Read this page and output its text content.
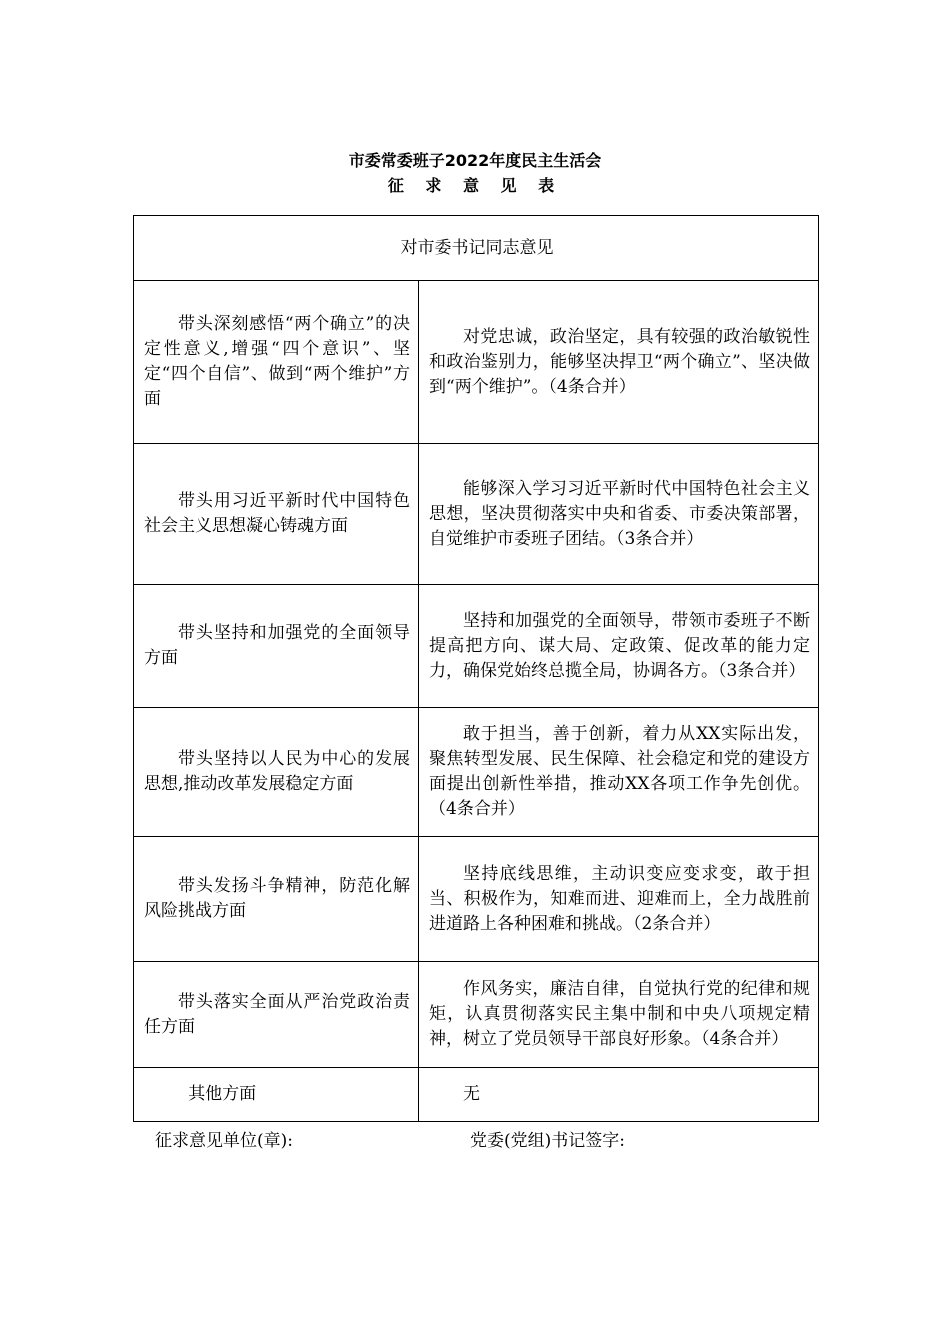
市委常委班子2022年度民主生活会
征 求 意 见 表
对市委书记同志意见	
带头深刻感悟“两个确立”的决定性意义,增强“四个意识”、坚定“四个自信”、做到“两个维护”方面	对党忠诚，政治坚定，具有较强的政治敏锐性和政治鉴别力，能够坚决捍卫“两个确立”、坚决做到“两个维护”。（4条合并）
带头用习近平新时代中国特色社会主义思想凝心铸魂方面	能够深入学习习近平新时代中国特色社会主义思想，坚决贯彻落实中央和省委、市委决策部署，自觉维护市委班子团结。（3条合并）
带头坚持和加强党的全面领导方面	坚持和加强党的全面领导，带领市委班子不断提高把方向、谋大局、定政策、促改革的能力定力，确保党始终总揽全局，协调各方。（3条合并）
带头坚持以人民为中心的发展思想,推动改革发展稳定方面	敢于担当，善于创新，着力从XX实际出发，聚焦转型发展、民生保障、社会稳定和党的建设方面提出创新性举措，推动XX各项工作争先创优。（4条合并）
带头发扬斗争精神，防范化解风险挑战方面	坚持底线思维，主动识变应变求变，敢于担当、积极作为，知难而进、迎难而上，全力战胜前进道路上各种困难和挑战。（2条合并）
带头落实全面从严治党政治责任方面	作风务实，廉洁自律，自觉执行党的纪律和规矩，认真贯彻落实民主集中制和中央八项规定精神，树立了党员领导干部良好形象。（4条合并）
其他方面	无
征求意见单位(章):	党委(党组)书记签字:
